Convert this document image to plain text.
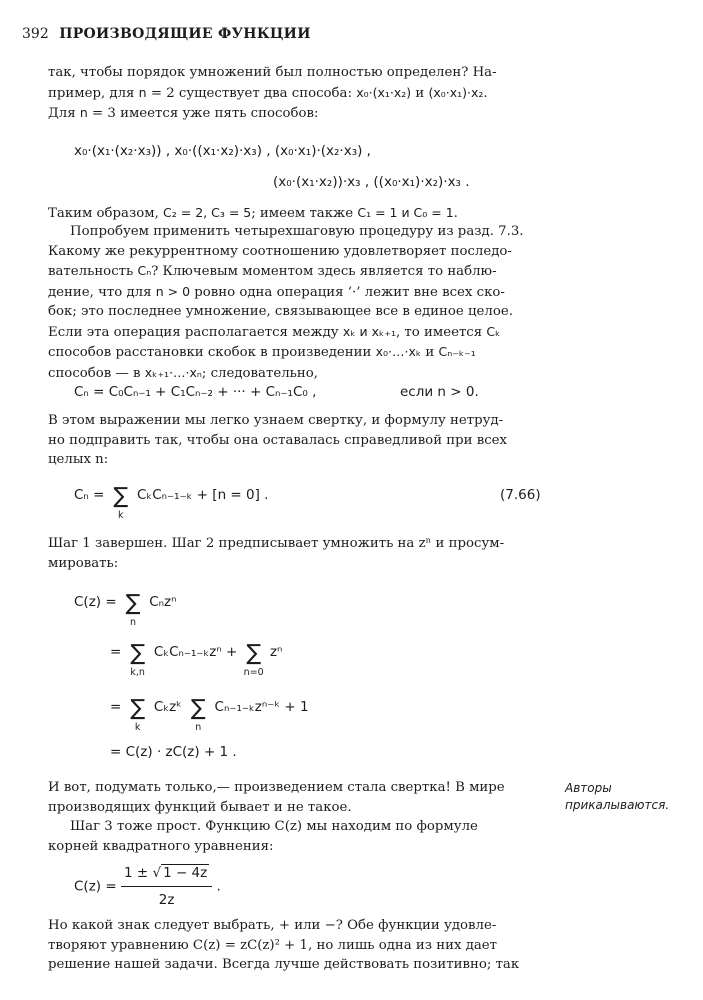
392 ПРОИЗВОДЯЩИЕ ФУНКЦИИ
так, чтобы порядок умножений был полностью определен? На-
пример, для n = 2 существует два способа: x₀·(x₁·x₂) и (x₀·x₁)·x₂.
Для n = 3 имеется уже пять способов:
x₀·(x₁·(x₂·x₃)) , x₀·((x₁·x₂)·x₃) , (x₀·x₁)·(x₂·x₃) ,
(x₀·(x₁·x₂))·x₃ , ((x₀·x₁)·x₂)·x₃ .
Таким образом, C₂ = 2, C₃ = 5; имеем также C₁ = 1 и C₀ = 1.
Попробуем применить четырехшаговую процедуру из разд. 7.3.
Какому же рекуррентному соотношению удовлетворяет последо-
вательность Cₙ? Ключевым моментом здесь является то наблю-
дение, что для n > 0 ровно одна операция ‘·’ лежит вне всех ско-
бок; это последнее умножение, связывающее все в единое целое.
Если эта операция располагается между xₖ и xₖ₊₁, то имеется Cₖ
способов расстановки скобок в произведении x₀·…·xₖ и Cₙ₋ₖ₋₁
способов — в xₖ₊₁·…·xₙ; следовательно,
Cₙ = C₀Cₙ₋₁ + C₁Cₙ₋₂ + ··· + Cₙ₋₁C₀ ,	если n > 0.
В этом выражении мы легко узнаем свертку, и формулу нетруд-
но подправить так, чтобы она оставалась справедливой при всех
целых n:
Cₙ = ∑
k
CₖCₙ₋₁₋ₖ + [n = 0] .	(7.66)
Шаг 1 завершен. Шаг 2 предписывает умножить на zⁿ и просум-
мировать:
C(z) = ∑
n
Cₙzⁿ
= ∑
k,n
CₖCₙ₋₁₋ₖzⁿ + ∑
n=0
zⁿ
= ∑
k
Cₖzᵏ ∑
n
Cₙ₋₁₋ₖzⁿ⁻ᵏ + 1
= C(z) · zC(z) + 1 .
И вот, подумать только,— произведением стала свертка! В мире
производящих функций бывает и не такое.
Авторы прикалываются.
Шаг 3 тоже прост. Функцию C(z) мы находим по формуле
корней квадратного уравнения:
$C(z) = \frac{1 \pm √ 1 - 4z}{2z}$ .
Но какой знак следует выбрать, + или −? Обе функции удовле-
творяют уравнению C(z) = zC(z)² + 1, но лишь одна из них дает
решение нашей задачи. Всегда лучше действовать позитивно; так
